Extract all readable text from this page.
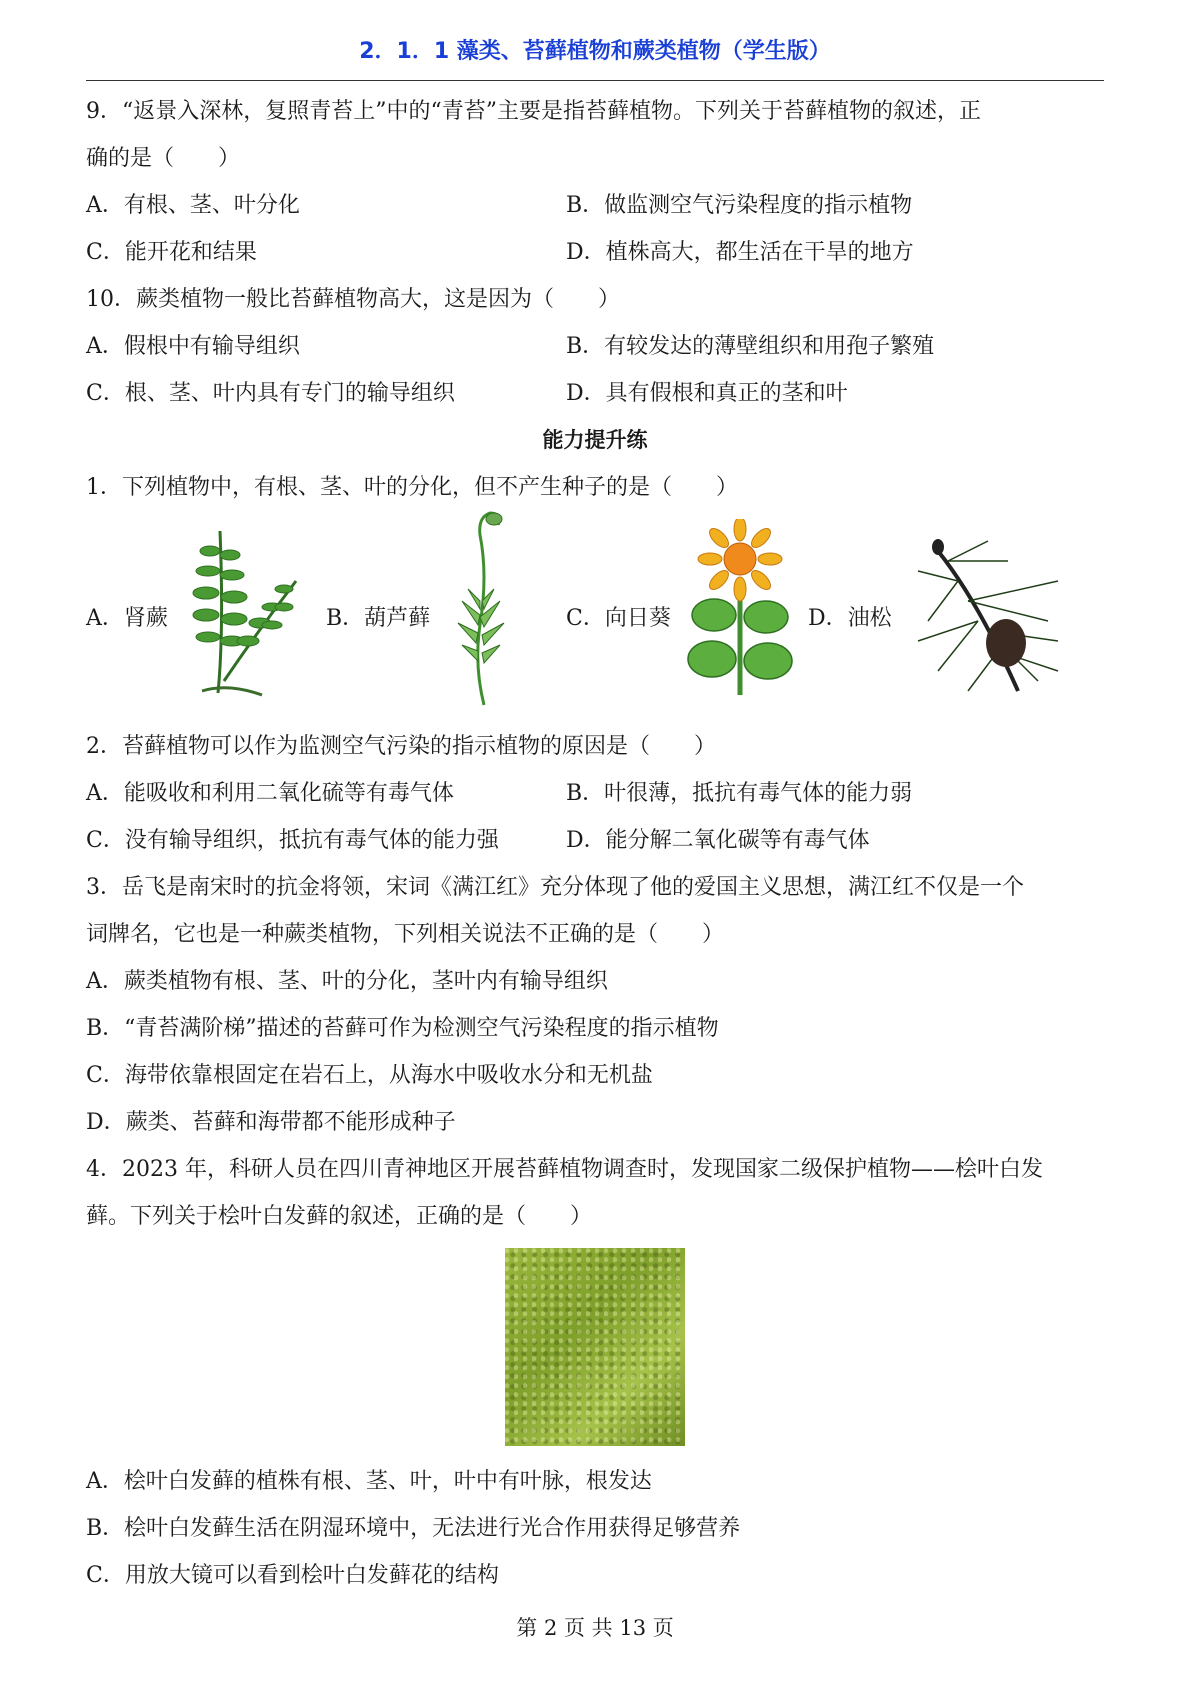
2．1．1 藻类、苔藓植物和蕨类植物（学生版）
9．“返景入深林，复照青苔上”中的“青苔”主要是指苔藓植物。下列关于苔藓植物的叙述，正
确的是（　　）
A．有根、茎、叶分化	B．做监测空气污染程度的指示植物
C．能开花和结果	D．植株高大，都生活在干旱的地方
10．蕨类植物一般比苔藓植物高大，这是因为（　　）
A．假根中有输导组织	B．有较发达的薄壁组织和用孢子繁殖
C．根、茎、叶内具有专门的输导组织	D．具有假根和真正的茎和叶
能力提升练
1．下列植物中，有根、茎、叶的分化，但不产生种子的是（　　）
A．肾蕨	B．葫芦藓	C．向日葵	D．油松
2．苔藓植物可以作为监测空气污染的指示植物的原因是（　　）
A．能吸收和利用二氧化硫等有毒气体	B．叶很薄，抵抗有毒气体的能力弱
C．没有输导组织，抵抗有毒气体的能力强	D．能分解二氧化碳等有毒气体
3．岳飞是南宋时的抗金将领，宋词《满江红》充分体现了他的爱国主义思想，满江红不仅是一个
词牌名，它也是一种蕨类植物，下列相关说法不正确的是（　　）
A．蕨类植物有根、茎、叶的分化，茎叶内有输导组织
B．“青苔满阶梯”描述的苔藓可作为检测空气污染程度的指示植物
C．海带依靠根固定在岩石上，从海水中吸收水分和无机盐
D．蕨类、苔藓和海带都不能形成种子
4．2023 年，科研人员在四川青神地区开展苔藓植物调查时，发现国家二级保护植物——桧叶白发
藓。下列关于桧叶白发藓的叙述，正确的是（　　）
A．桧叶白发藓的植株有根、茎、叶，叶中有叶脉，根发达
B．桧叶白发藓生活在阴湿环境中，无法进行光合作用获得足够营养
C．用放大镜可以看到桧叶白发藓花的结构
第 2 页 共 13 页
